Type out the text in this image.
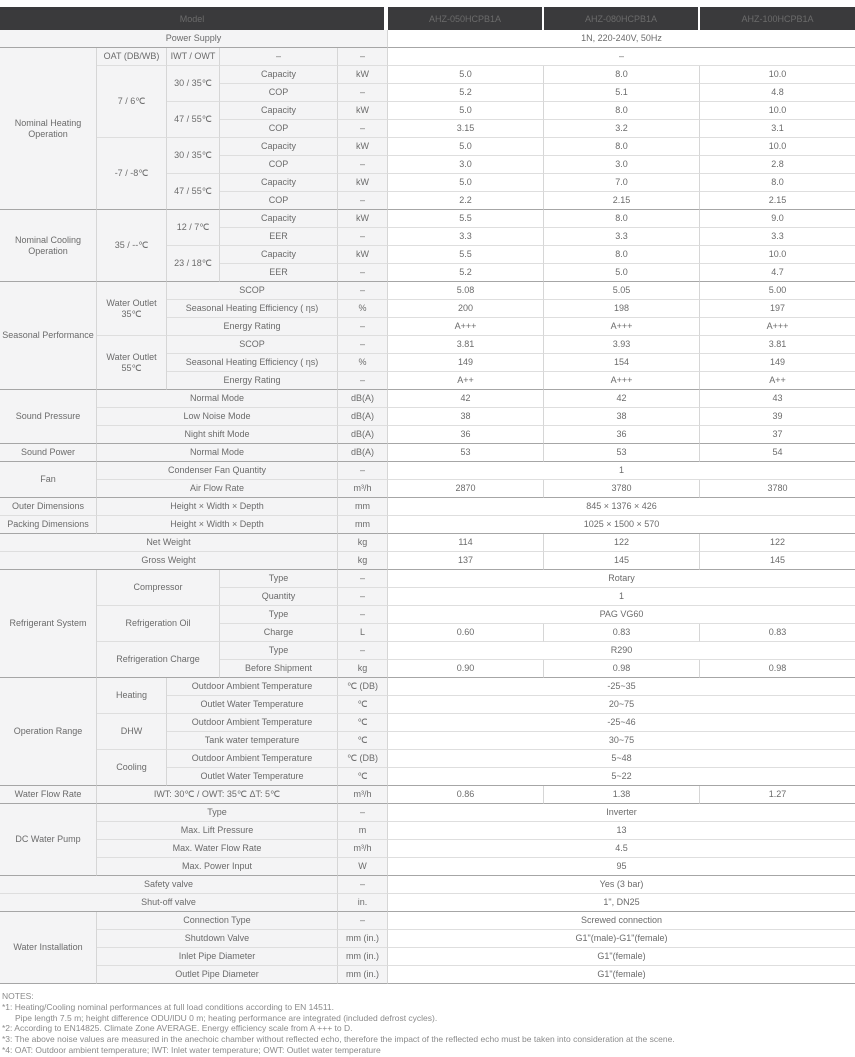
Model					AHZ-050HCPB1A	AHZ-080HCPB1A	AHZ-100HCPB1A
Power Supply					1N, 220-240V, 50Hz		
Nominal Heating Operation	OAT (DB/WB)	IWT / OWT	–	–	–		
	7 / 6℃	30 / 35℃	Capacity	kW	5.0	8.0	10.0
			COP	–	5.2	5.1	4.8
		47 / 55℃	Capacity	kW	5.0	8.0	10.0
			COP	–	3.15	3.2	3.1
	-7 / -8℃	30 / 35℃	Capacity	kW	5.0	8.0	10.0
			COP	–	3.0	3.0	2.8
		47 / 55℃	Capacity	kW	5.0	7.0	8.0
			COP	–	2.2	2.15	2.15
Nominal Cooling Operation	35 / --℃	12 / 7℃	Capacity	kW	5.5	8.0	9.0
			EER	–	3.3	3.3	3.3
		23 / 18℃	Capacity	kW	5.5	8.0	10.0
			EER	–	5.2	5.0	4.7
Seasonal Performance	Water Outlet 35℃	SCOP		–	5.08	5.05	5.00
		Seasonal Heating Efficiency ( ηs)		%	200	198	197
		Energy Rating		–	A+++	A+++	A+++
	Water Outlet 55℃	SCOP		–	3.81	3.93	3.81
		Seasonal Heating Efficiency ( ηs)		%	149	154	149
		Energy Rating		–	A++	A+++	A++
Sound Pressure	Normal Mode			dB(A)	42	42	43
	Low Noise Mode			dB(A)	38	38	39
	Night shift Mode			dB(A)	36	36	37
Sound Power	Normal Mode			dB(A)	53	53	54
Fan	Condenser Fan Quantity			–	1		
	Air Flow Rate			m³/h	2870	3780	3780
Outer Dimensions	Height × Width × Depth			mm	845 × 1376 × 426		
Packing Dimensions	Height × Width × Depth			mm	1025 × 1500 × 570		
Net Weight				kg	114	122	122
Gross Weight				kg	137	145	145
Refrigerant System	Compressor		Type	–	Rotary		
			Quantity	–	1		
	Refrigeration Oil		Type	–	PAG VG60		
			Charge	L	0.60	0.83	0.83
	Refrigeration Charge		Type	–	R290		
			Before Shipment	kg	0.90	0.98	0.98
Operation Range	Heating	Outdoor Ambient Temperature		℃ (DB)	-25~35		
		Outlet Water Temperature		℃	20~75		
	DHW	Outdoor Ambient Temperature		℃	-25~46		
		Tank water temperature		℃	30~75		
	Cooling	Outdoor Ambient Temperature		℃ (DB)	5~48		
		Outlet Water Temperature		℃	5~22		
Water Flow Rate	IWT: 30℃ / OWT: 35℃ ΔT: 5℃			m³/h	0.86	1.38	1.27
DC Water Pump	Type			–	Inverter		
	Max. Lift Pressure			m	13		
	Max. Water Flow Rate			m³/h	4.5		
	Max. Power Input			W	95		
Safety valve				–	Yes (3 bar)		
Shut-off valve				in.	1", DN25		
Water Installation	Connection Type			–	Screwed connection		
	Shutdown Valve			mm (in.)	G1"(male)-G1"(female)		
	Inlet Pipe Diameter			mm (in.)	G1"(female)		
	Outlet Pipe Diameter			mm (in.)	G1"(female)		
NOTES:
*1: Heating/Cooling nominal performances at full load conditions according to EN 14511.
Pipe length 7.5 m; height difference ODU/IDU 0 m; heating performance are integrated (included defrost cycles).
*2: According to EN14825. Climate Zone AVERAGE. Energy efficiency scale from A +++ to D.
*3: The above noise values are measured in the anechoic chamber without reflected echo, therefore the impact of the reflected echo must be taken into consideration at the scene.
*4: OAT: Outdoor ambient temperature; IWT: Inlet water temperature; OWT: Outlet water temperature
